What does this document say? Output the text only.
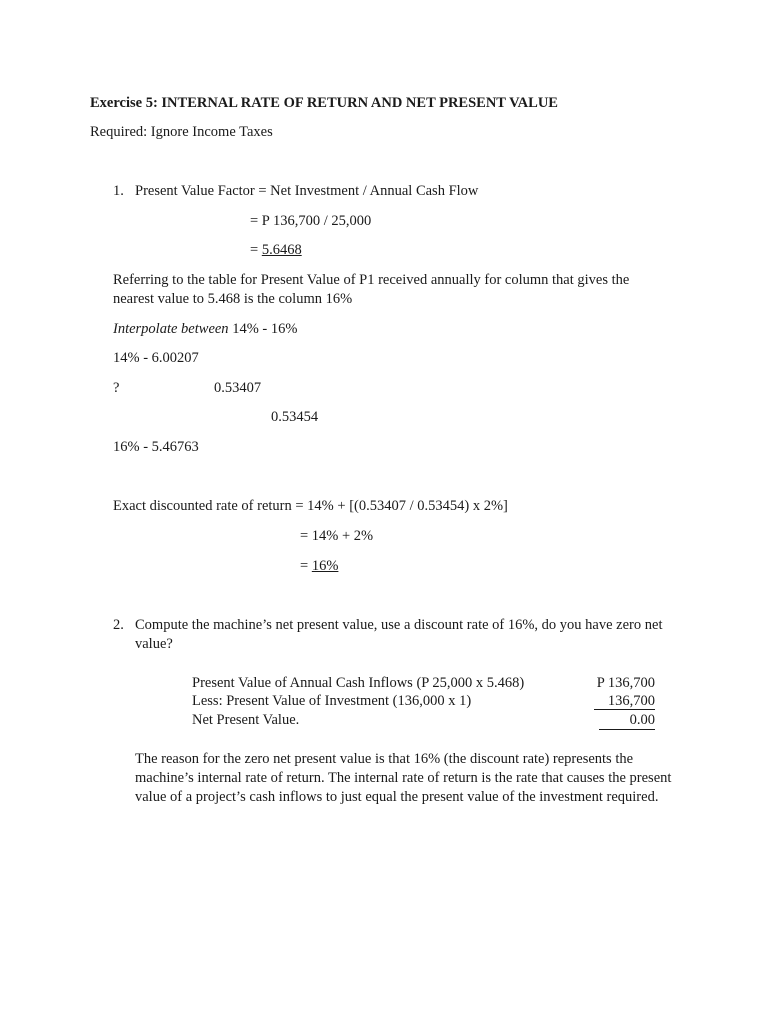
Exercise 5: INTERNAL RATE OF RETURN AND NET PRESENT VALUE
Required: Ignore Income Taxes
1. Present Value Factor = Net Investment / Annual Cash Flow
= P 136,700 / 25,000
= 5.6468
Referring to the table for Present Value of P1 received annually for column that gives the nearest value to 5.468 is the column 16%
Interpolate between 14% - 16%
14% - 6.00207
?	0.53407
0.53454
16% - 5.46763
Exact discounted rate of return = 14% + [(0.53407 / 0.53454) x 2%]
= 14% + 2%
= 16%
2. Compute the machine’s net present value, use a discount rate of 16%, do you have zero net value?
Present Value of Annual Cash Inflows (P 25,000 x 5.468)	P 136,700
Less: Present Value of Investment (136,000 x 1)	136,700
Net Present Value.	0.00
The reason for the zero net present value is that 16% (the discount rate) represents the machine’s internal rate of return. The internal rate of return is the rate that causes the present value of a project’s cash inflows to just equal the present value of the investment required.
